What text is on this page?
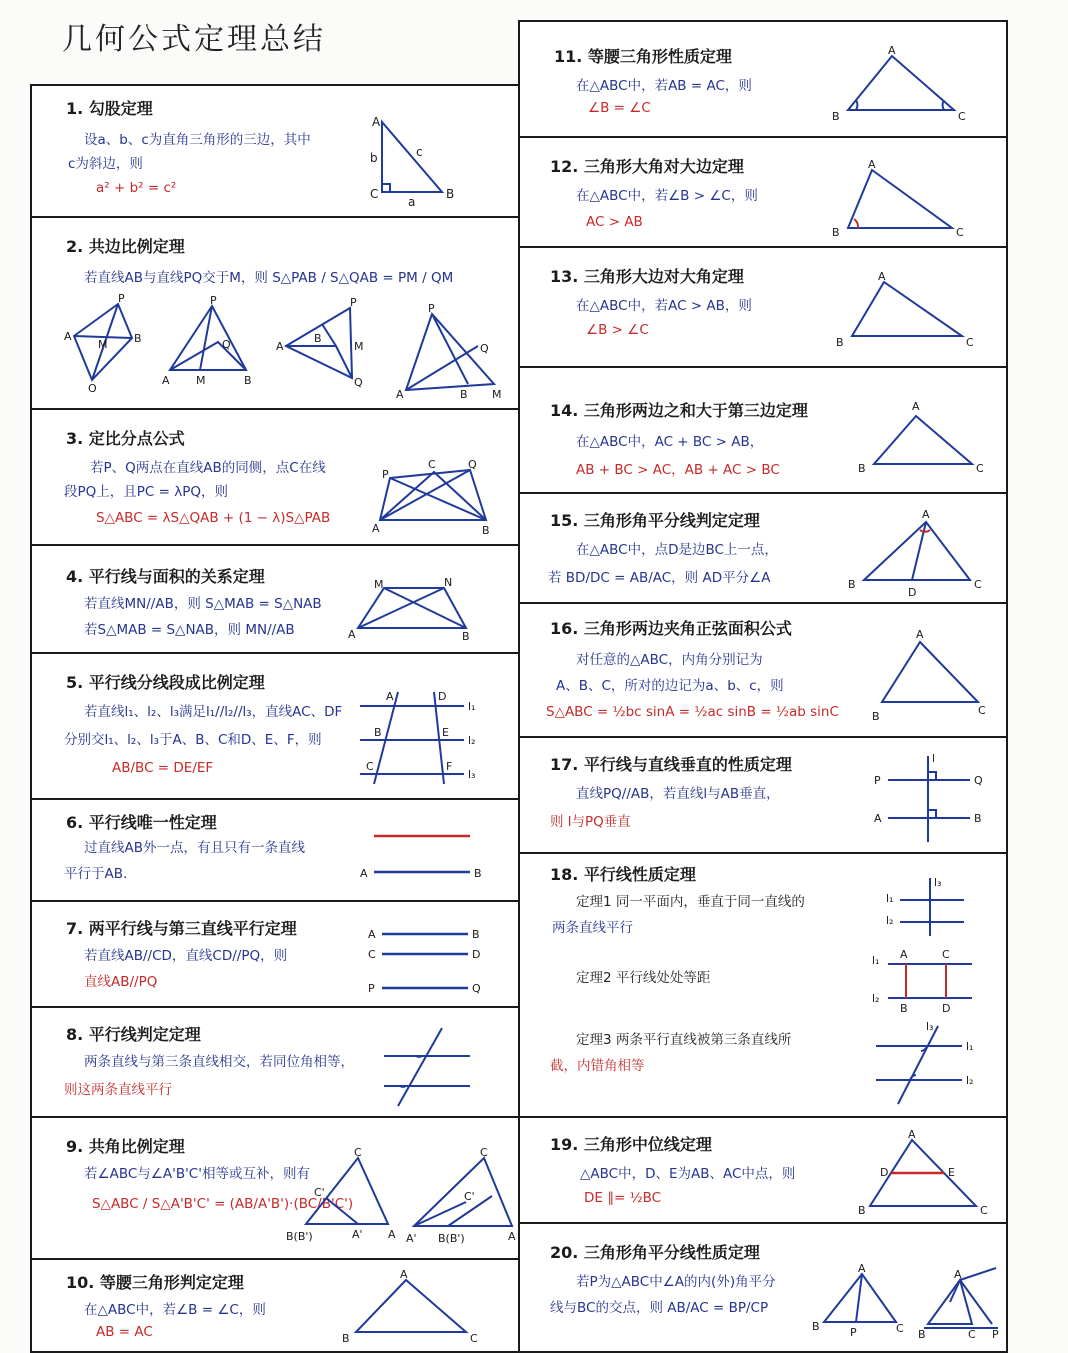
几何公式定理总结
1. 勾股定理
设a、b、c为直角三角形的三边，其中
c为斜边，则
a² + b² = c²
A
B
C
a
b	c
2. 共边比例定理
若直线AB与直线PQ交于M，则 S△PAB / S△QAB = PM / QM
P
A	B
M
Q
P
Q
A M	B
P
A
B
M
Q
P
Q
A	B M
3. 定比分点公式
若P、Q两点在直线AB的同侧，点C在线
段PQ上，且PC = λPQ，则
S△ABC = λS△QAB + (1 − λ)S△PAB
P
C	Q
A	B
4. 平行线与面积的关系定理
若直线MN//AB，则 S△MAB = S△NAB
若S△MAB = S△NAB，则 MN//AB
M	N
A	B
5. 平行线分线段成比例定理
若直线l₁、l₂、l₃满足l₁//l₂//l₃，直线AC、DF
分别交l₁、l₂、l₃于A、B、C和D、E、F，则
AB/BC = DE/EF
A	D
B	E
C	F
l₁
l₂
l₃
6. 平行线唯一性定理
过直线AB外一点，有且只有一条直线
平行于AB.	A	B
7. 两平行线与第三直线平行定理
若直线AB//CD，直线CD//PQ，则
直线AB//PQ
A	B
C	D
P	Q
8. 平行线判定定理
两条直线与第三条直线相交，若同位角相等，
则这两条直线平行
9. 共角比例定理
若∠ABC与∠A'B'C'相等或互补，则有
S△ABC / S△A'B'C' = (AB/A'B')·(BC/B'C')
C
C'
B(B')	A' A
C
C'
A' B(B')	A
10. 等腰三角形判定定理
在△ABC中，若∠B = ∠C，则
AB = AC
A
B	C
11. 等腰三角形性质定理
在△ABC中，若AB = AC，则
∠B = ∠C
A
B	C
12. 三角形大角对大边定理
在△ABC中，若∠B > ∠C，则
AC > AB
A
B	C
13. 三角形大边对大角定理
在△ABC中，若AC > AB，则
∠B > ∠C
A
B	C
14. 三角形两边之和大于第三边定理
在△ABC中，AC + BC > AB，
AB + BC > AC，AB + AC > BC
A
B	C
15. 三角形角平分线判定定理
在△ABC中，点D是边BC上一点，
若 BD/DC = AB/AC，则 AD平分∠A
A
B
D
C
16. 三角形两边夹角正弦面积公式
对任意的△ABC，内角分别记为
A、B、C，所对的边记为a、b、c，则
S△ABC = ½bc sinA = ½ac sinB = ½ab sinC
A
B	C
17. 平行线与直线垂直的性质定理
直线PQ//AB，若直线l与AB垂直，
则 l与PQ垂直
l
P	Q
A	B
18. 平行线性质定理
定理1 同一平面内，垂直于同一直线的
两条直线平行
定理2 平行线处处等距
定理3 两条平行直线被第三条直线所
截，内错角相等
l₁
l₂
l₃
l₁
l₂
A	C
B	D
l₁
l₂
l₃
19. 三角形中位线定理
△ABC中，D、E为AB、AC中点，则
DE ∥= ½BC
A
D	E
B	C
20. 三角形角平分线性质定理
若P为△ABC中∠A的内(外)角平分
线与BC的交点，则 AB/AC = BP/CP
A
B	P	C
A
B	C P
